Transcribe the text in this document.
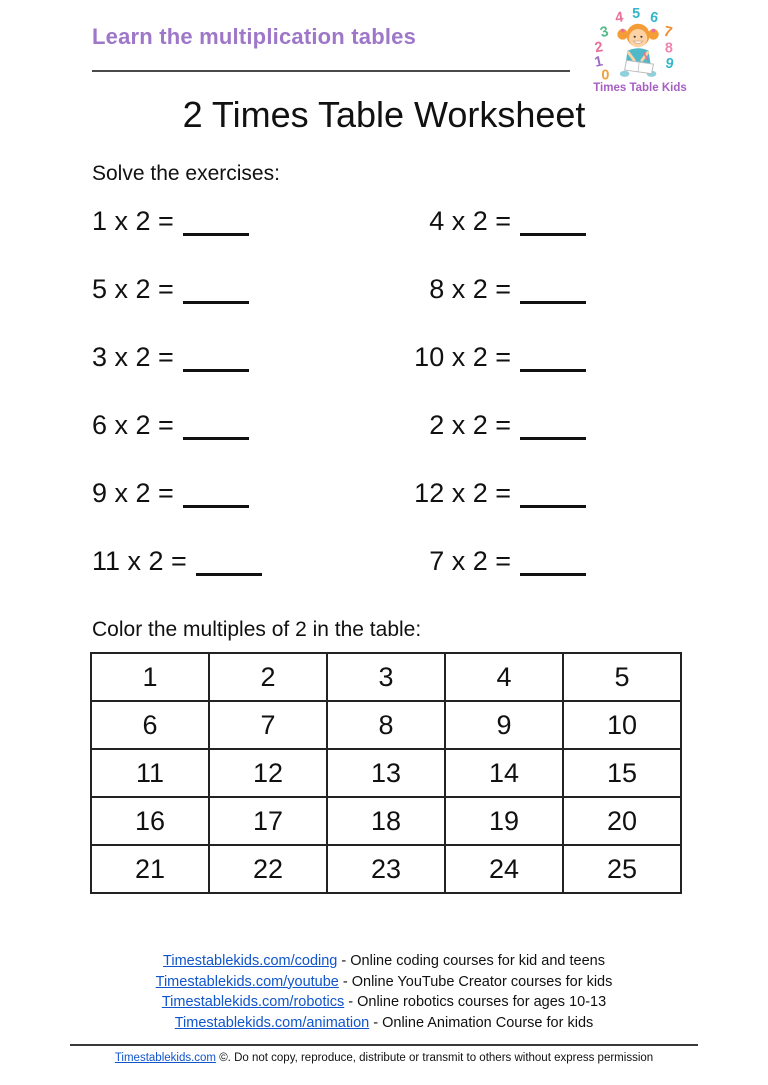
Learn the multiplication tables
4 5 6
3	7
2	8
1	9
0
Times Table Kids
2 Times Table Worksheet
Solve the exercises:
1 x 2 =	4 x 2 =
5 x 2 =	8 x 2 =
3 x 2 =	10 x 2 =
6 x 2 =	2 x 2 =
9 x 2 =	12 x 2 =
11 x 2 =	7 x 2 =
Color the multiples of 2 in the table:
1	2	3	4	5
6	7	8	9	10
11	12	13	14	15
16	17	18	19	20
21	22	23	24	25
Timestablekids.com/coding - Online coding courses for kid and teens
Timestablekids.com/youtube - Online YouTube Creator courses for kids
Timestablekids.com/robotics - Online robotics courses for ages 10-13
Timestablekids.com/animation - Online Animation Course for kids
Timestablekids.com ©. Do not copy, reproduce, distribute or transmit to others without express permission
